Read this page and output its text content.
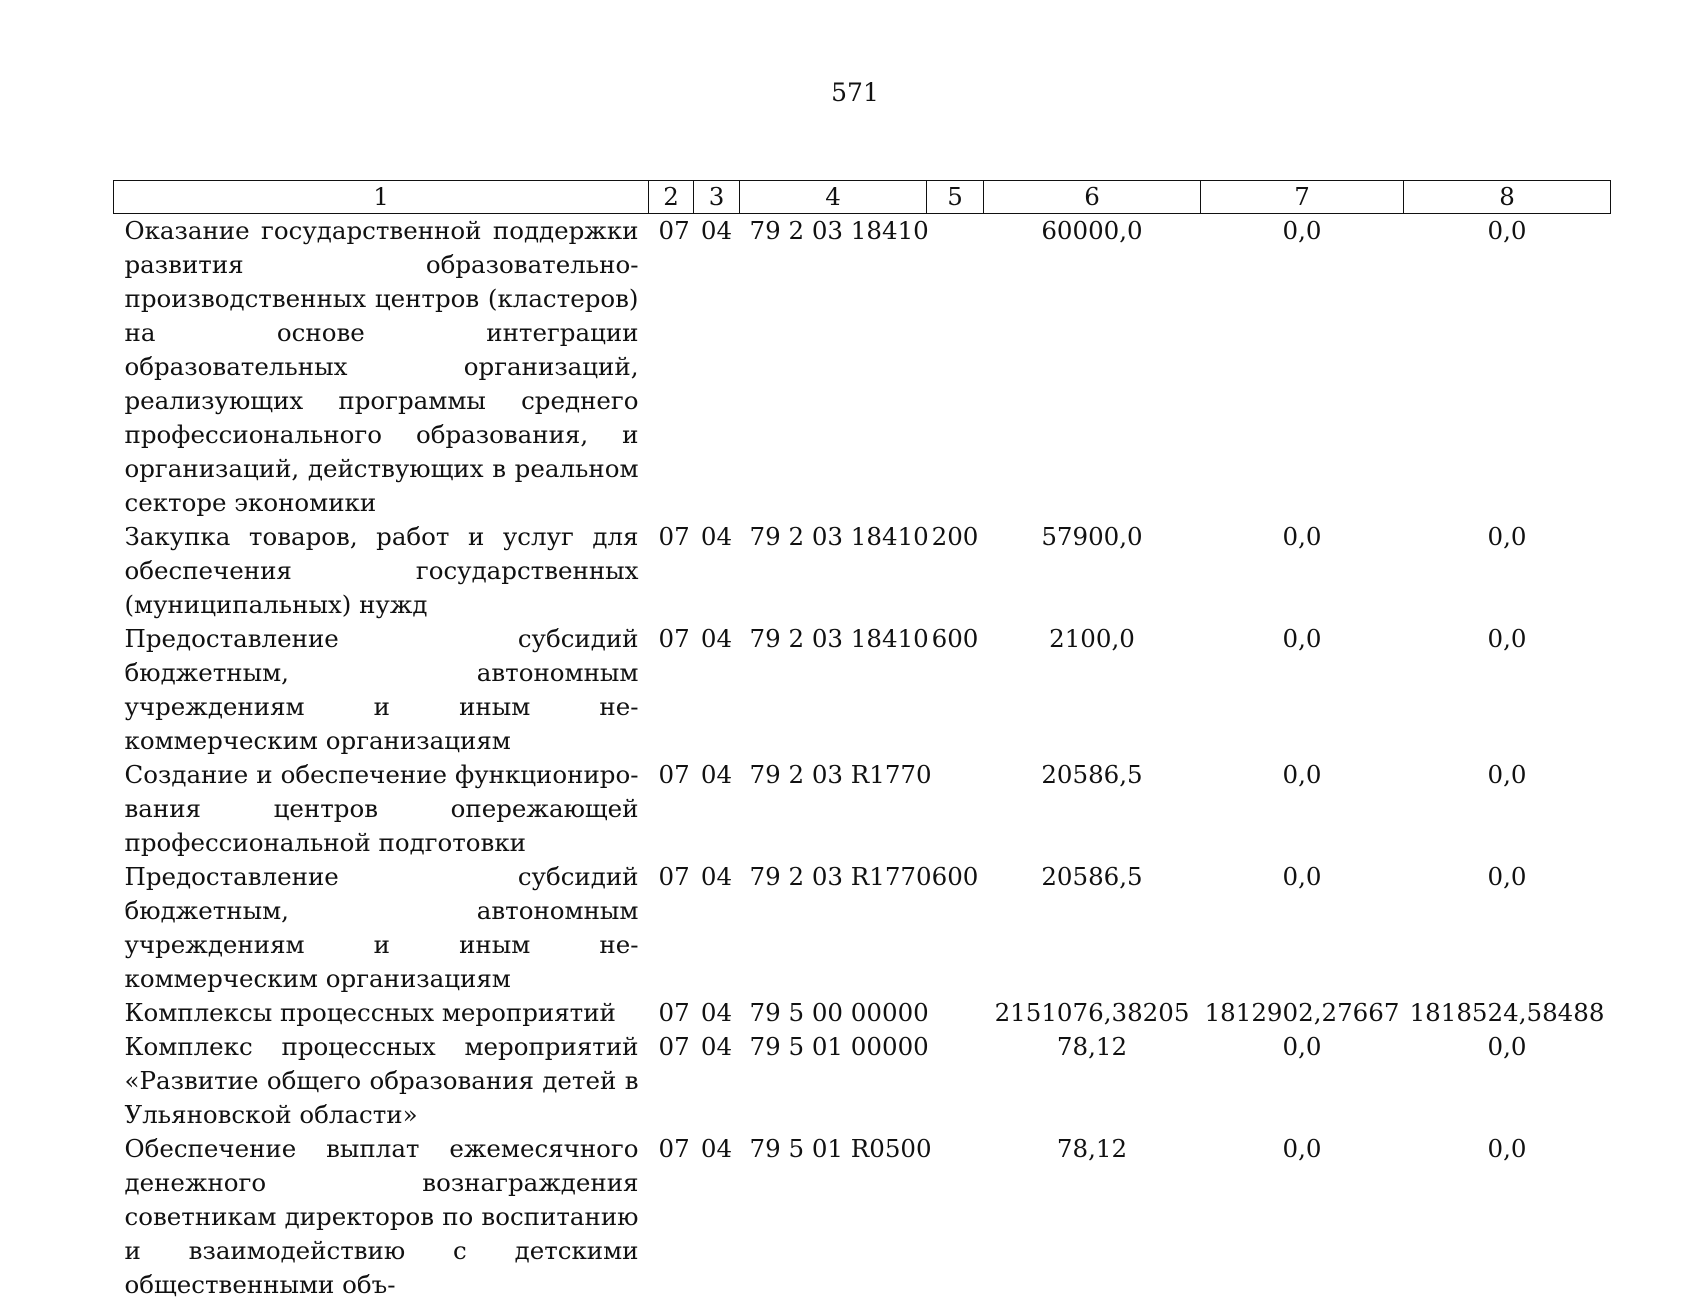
571
1	2	3	4	5	6	7	8
Оказание государственной поддержки развития образовательно-производственных центров (кластеров) на основе интеграции образовательных организаций, реализующих программы среднего профессионального образования, и организаций, действующих в реальном секторе экономики	07	04	79 2 03 18410		60000,0	0,0	0,0
Закупка товаров, работ и услуг для обеспечения государственных (муниципальных) нужд	07	04	79 2 03 18410	200	57900,0	0,0	0,0
Предоставление субсидий бюджетным, автономным учреждениям и иным некоммерческим организациям	07	04	79 2 03 18410	600	2100,0	0,0	0,0
Создание и обеспечение функционирования центров опережающей профессиональной подготовки	07	04	79 2 03 R1770		20586,5	0,0	0,0
Предоставление субсидий бюджетным, автономным учреждениям и иным некоммерческим организациям	07	04	79 2 03 R1770	600	20586,5	0,0	0,0
Комплексы процессных мероприятий	07	04	79 5 00 00000		2151076,38205	1812902,27667	1818524,58488
Комплекс процессных мероприятий «Развитие общего образования детей в Ульяновской области»	07	04	79 5 01 00000		78,12	0,0	0,0
Обеспечение выплат ежемесячного денежного вознаграждения советникам директоров по воспитанию и взаимодействию с детскими общественными объ-	07	04	79 5 01 R0500		78,12	0,0	0,0
